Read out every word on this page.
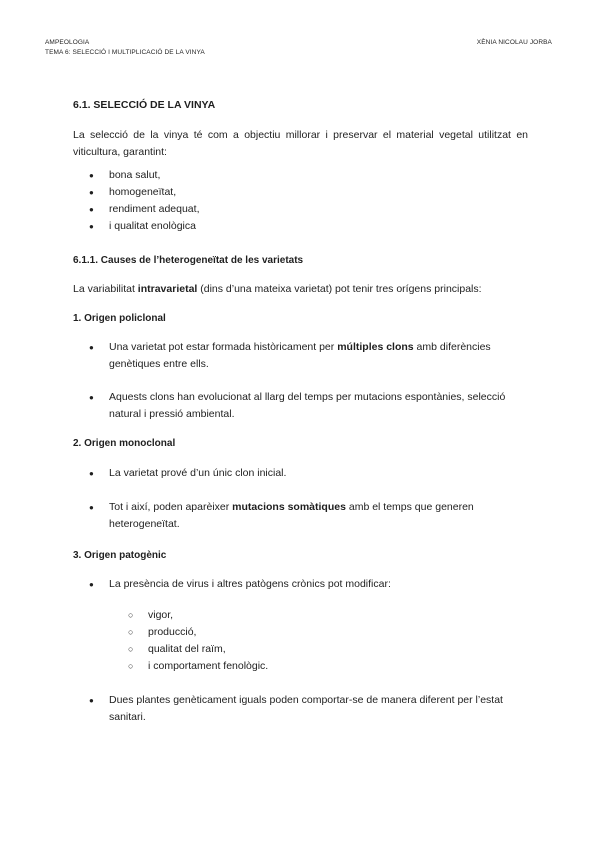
AMPEOLOGIA
TEMA 6: SELECCIÓ I MULTIPLICACIÓ DE LA VINYA
XÈNIA NICOLAU JORBA
6.1. SELECCIÓ DE LA VINYA

La selecció de la vinya té com a objectiu millorar i preservar el material vegetal utilitzat en viticultura, garantint:

● bona salut,
● homogeneïtat,
● rendiment adequat,
● i qualitat enològica
6.1.1. Causes de l’heterogeneïtat de les varietats

La variabilitat intravarietal (dins d’una mateixa varietat) pot tenir tres orígens principals:

1. Origen policlonal
● Una varietat pot estar formada històricament per múltiples clons amb diferències genètiques entre ells.
● Aquests clons han evolucionat al llarg del temps per mutacions espontànies, selecció natural i pressió ambiental.
2. Origen monoclonal
● La varietat prové d’un únic clon inicial.
● Tot i així, poden aparèixer mutacions somàtiques amb el temps que generen heterogeneïtat.
3. Origen patogènic
● La presència de virus i altres patògens crònics pot modificar:
○ vigor,
○ producció,
○ qualitat del raïm,
○ i comportament fenològic.
● Dues plantes genèticament iguals poden comportar-se de manera diferent per l’estat sanitari.
